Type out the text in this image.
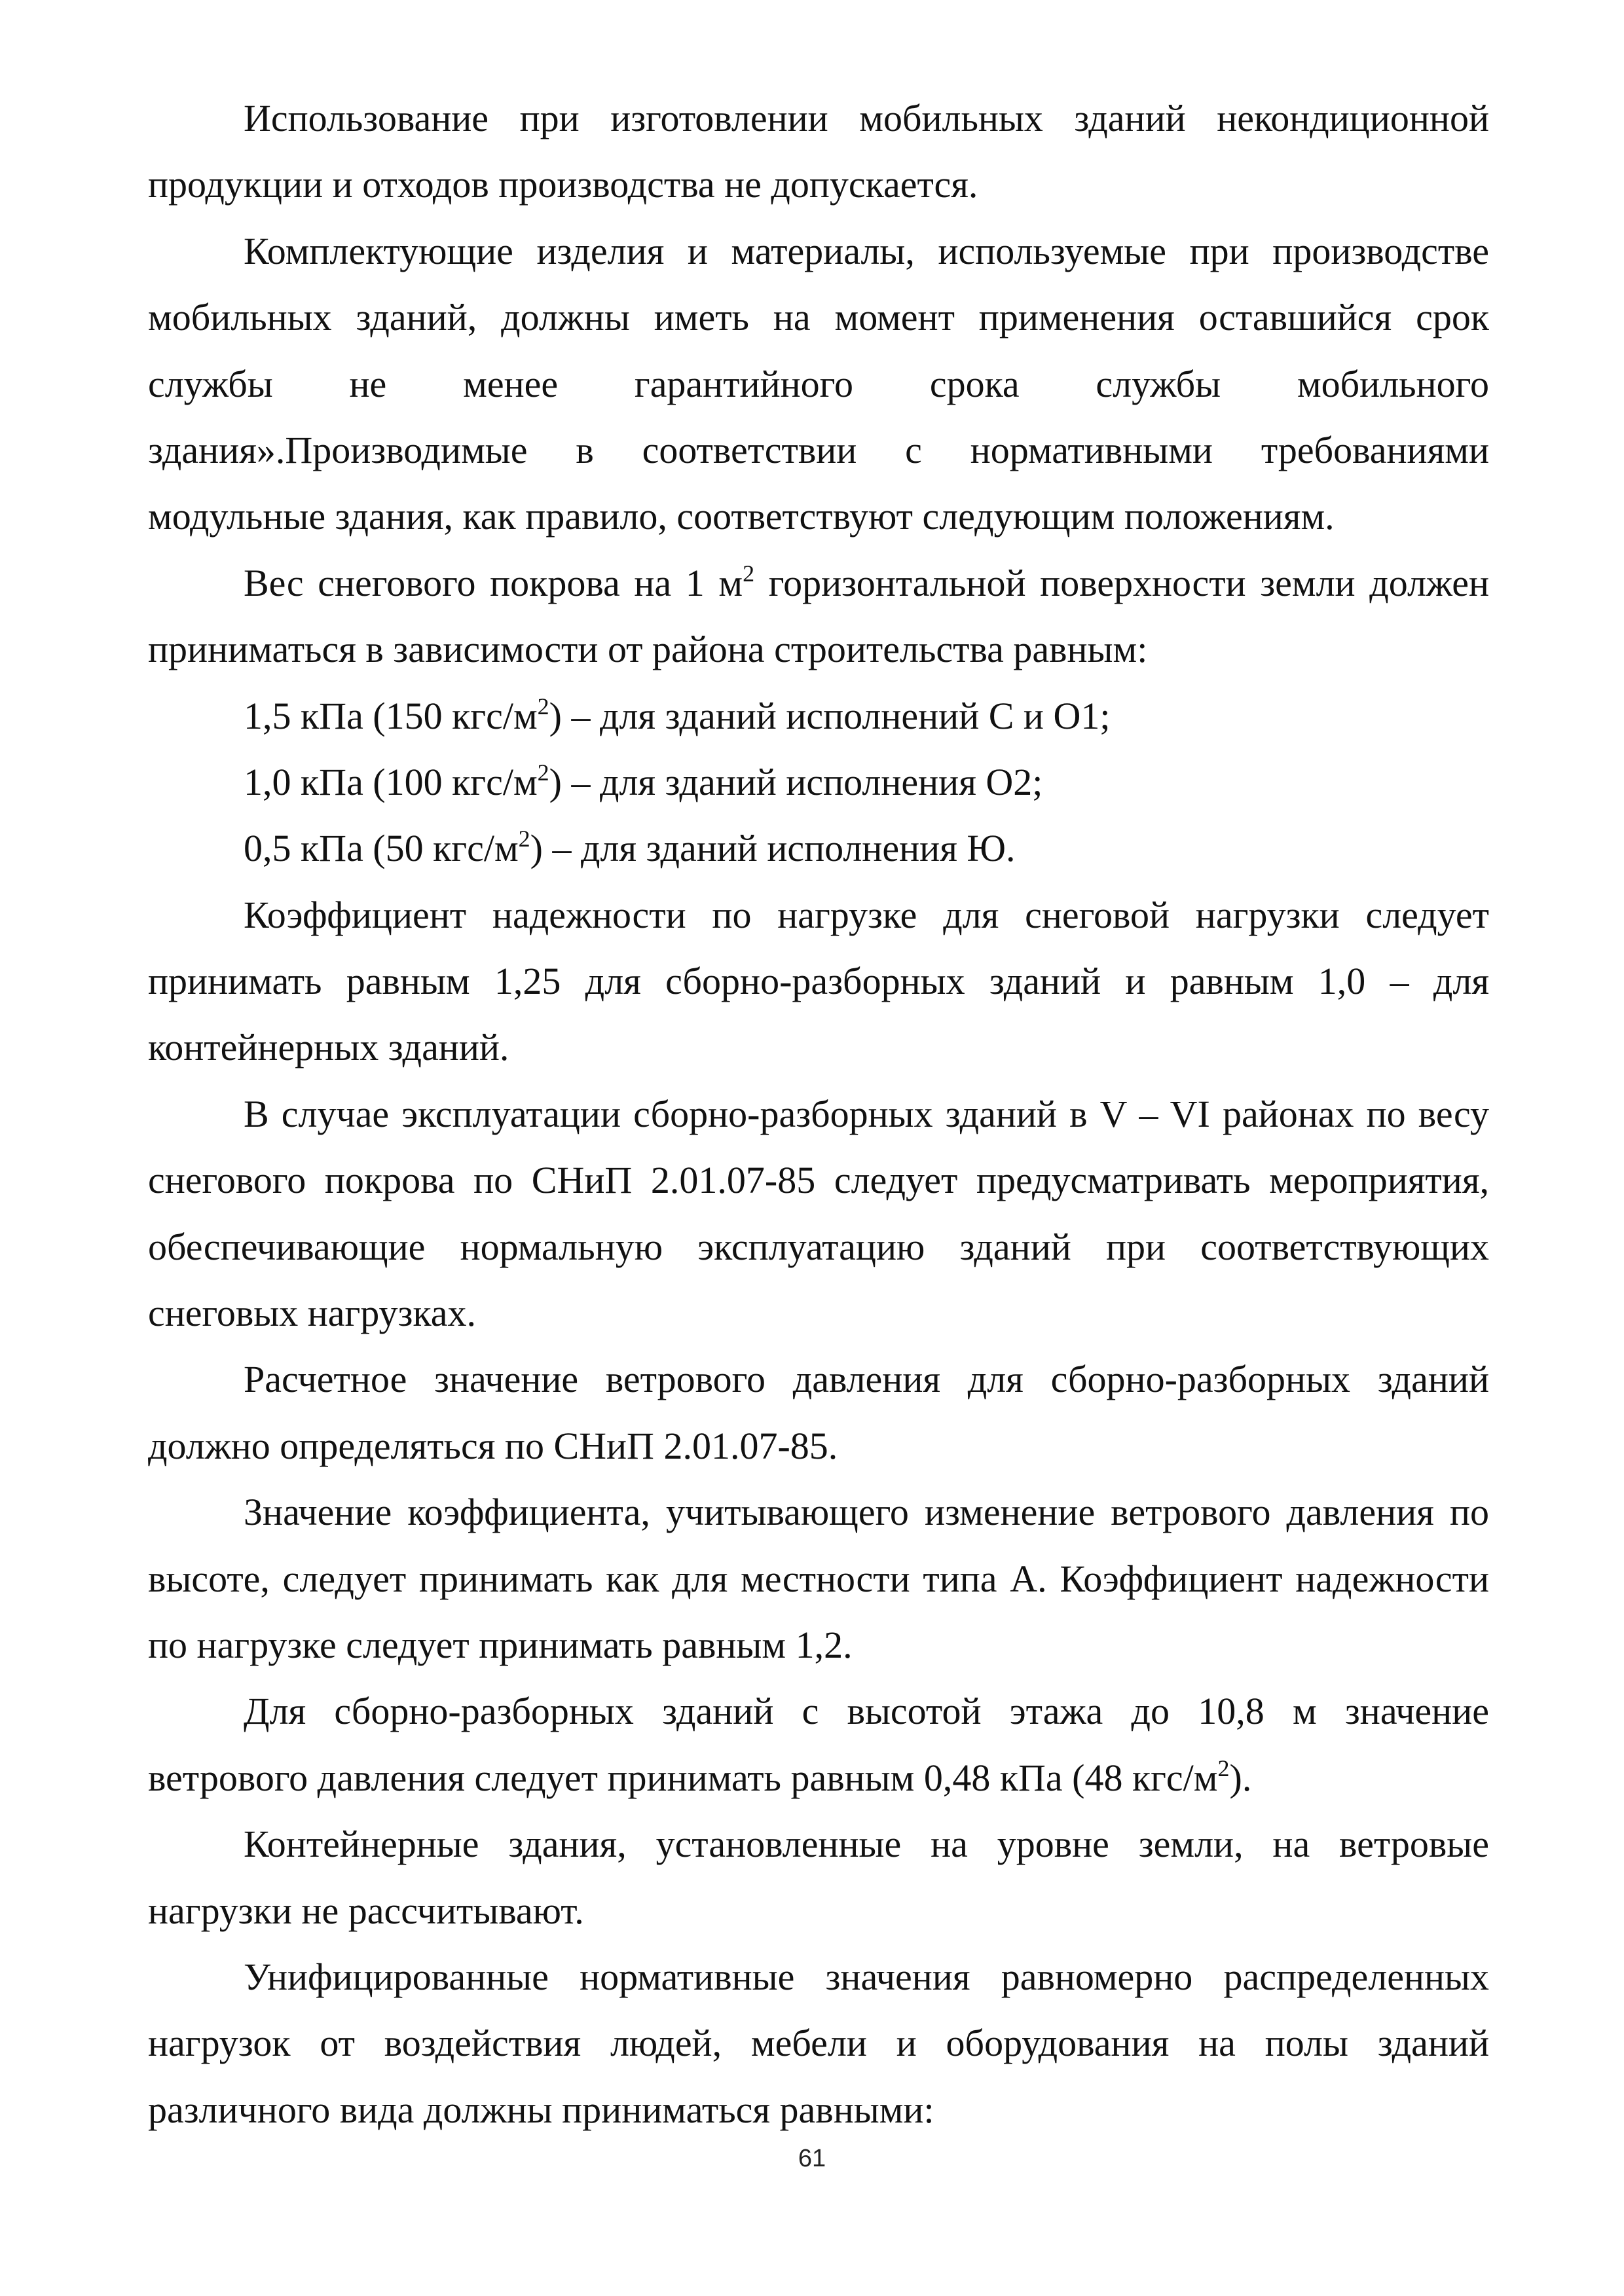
Использование при изготовлении мобильных зданий некондиционной
продукции и отходов производства не допускается.
Комплектующие изделия и материалы, используемые при производстве
мобильных зданий, должны иметь на момент применения оставшийся срок
службы не менее гарантийного срока службы мобильного
здания».Производимые в соответствии с нормативными требованиями
модульные здания, как правило, соответствуют следующим положениям.
Вес снегового покрова на 1 $м^2$ горизонтальной поверхности земли должен
приниматься в зависимости от района строительства равным:
1,5 кПа (150 кгс/$м^2$) – для зданий исполнений С и О1;
1,0 кПа (100 кгс/$м^2$) – для зданий исполнения О2;
0,5 кПа (50 кгс/$м^2$) – для зданий исполнения Ю.
Коэффициент надежности по нагрузке для снеговой нагрузки следует
принимать равным 1,25 для сборно-разборных зданий и равным 1,0 – для
контейнерных зданий.
В случае эксплуатации сборно-разборных зданий в V – VI районах по весу
снегового покрова по СНиП 2.01.07-85 следует предусматривать мероприятия,
обеспечивающие нормальную эксплуатацию зданий при соответствующих
снеговых нагрузках.
Расчетное значение ветрового давления для сборно-разборных зданий
должно определяться по СНиП 2.01.07-85.
Значение коэффициента, учитывающего изменение ветрового давления по
высоте, следует принимать как для местности типа А. Коэффициент надежности
по нагрузке следует принимать равным 1,2.
Для сборно-разборных зданий с высотой этажа до 10,8 м значение
ветрового давления следует принимать равным 0,48 кПа (48 кгс/$м^2$).
Контейнерные здания, установленные на уровне земли, на ветровые
нагрузки не рассчитывают.
Унифицированные нормативные значения равномерно распределенных
нагрузок от воздействия людей, мебели и оборудования на полы зданий
различного вида должны приниматься равными:
61
